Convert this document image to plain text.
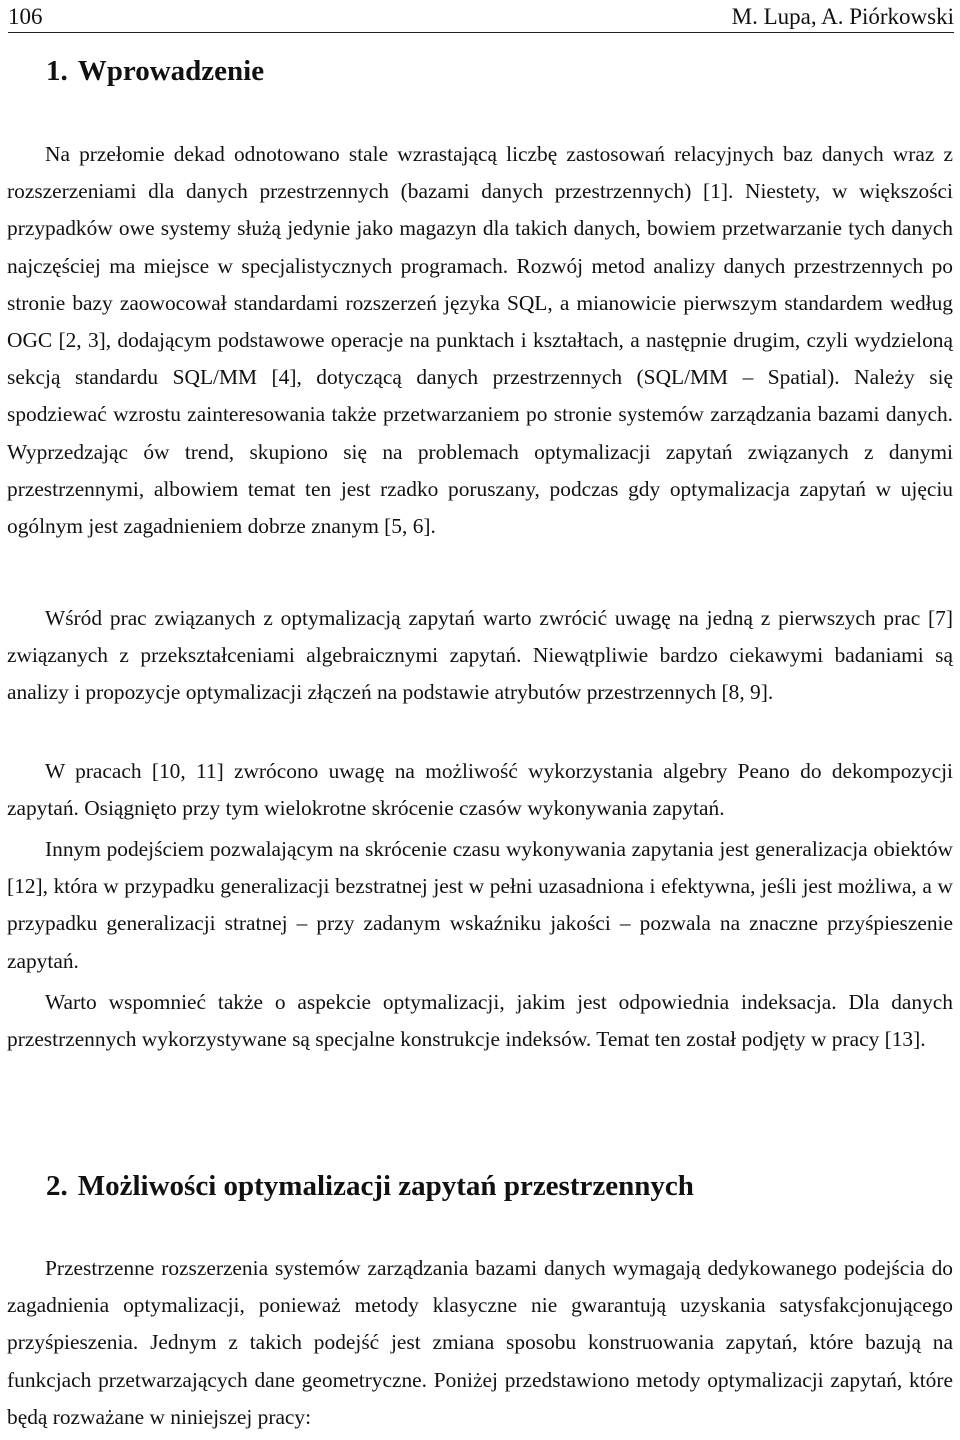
106	M. Lupa, A. Piórkowski
1. Wprowadzenie

Na przełomie dekad odnotowano stale wzrastającą liczbę zastosowań relacyjnych baz danych wraz z rozszerzeniami dla danych przestrzennych (bazami danych przestrzennych) [1]. Niestety, w większości przypadków owe systemy służą jedynie jako magazyn dla takich danych, bowiem przetwarzanie tych danych najczęściej ma miejsce w specjalistycznych programach. Rozwój metod analizy danych przestrzennych po stronie bazy zaowocował standardami rozszerzeń języka SQL, a mianowicie pierwszym standardem według OGC [2, 3], dodającym podstawowe operacje na punktach i kształtach, a następnie drugim, czyli wydzieloną sekcją standardu SQL/MM [4], dotyczącą danych przestrzennych (SQL/MM – Spatial). Należy się spodziewać wzrostu zainteresowania także przetwarzaniem po stronie systemów zarządzania bazami danych. Wyprzedzając ów trend, skupiono się na problemach optymalizacji zapytań związanych z danymi przestrzennymi, albowiem temat ten jest rzadko poruszany, podczas gdy optymalizacja zapytań w ujęciu ogólnym jest zagadnieniem dobrze znanym [5, 6].

Wśród prac związanych z optymalizacją zapytań warto zwrócić uwagę na jedną z pierwszych prac [7] związanych z przekształceniami algebraicznymi zapytań. Niewątpliwie bardzo ciekawymi badaniami są analizy i propozycje optymalizacji złączeń na podstawie atrybutów przestrzennych [8, 9].

W pracach [10, 11] zwrócono uwagę na możliwość wykorzystania algebry Peano do dekompozycji zapytań. Osiągnięto przy tym wielokrotne skrócenie czasów wykonywania zapytań.

Innym podejściem pozwalającym na skrócenie czasu wykonywania zapytania jest generalizacja obiektów [12], która w przypadku generalizacji bezstratnej jest w pełni uzasadniona i efektywna, jeśli jest możliwa, a w przypadku generalizacji stratnej – przy zadanym wskaźniku jakości – pozwala na znaczne przyśpieszenie zapytań.

Warto wspomnieć także o aspekcie optymalizacji, jakim jest odpowiednia indeksacja. Dla danych przestrzennych wykorzystywane są specjalne konstrukcje indeksów. Temat ten został podjęty w pracy [13].

2. Możliwości optymalizacji zapytań przestrzennych

Przestrzenne rozszerzenia systemów zarządzania bazami danych wymagają dedykowanego podejścia do zagadnienia optymalizacji, ponieważ metody klasyczne nie gwarantują uzyskania satysfakcjonującego przyśpieszenia. Jednym z takich podejść jest zmiana sposobu konstruowania zapytań, które bazują na funkcjach przetwarzających dane geometryczne. Poniżej przedstawiono metody optymalizacji zapytań, które będą rozważane w niniejszej pracy:
